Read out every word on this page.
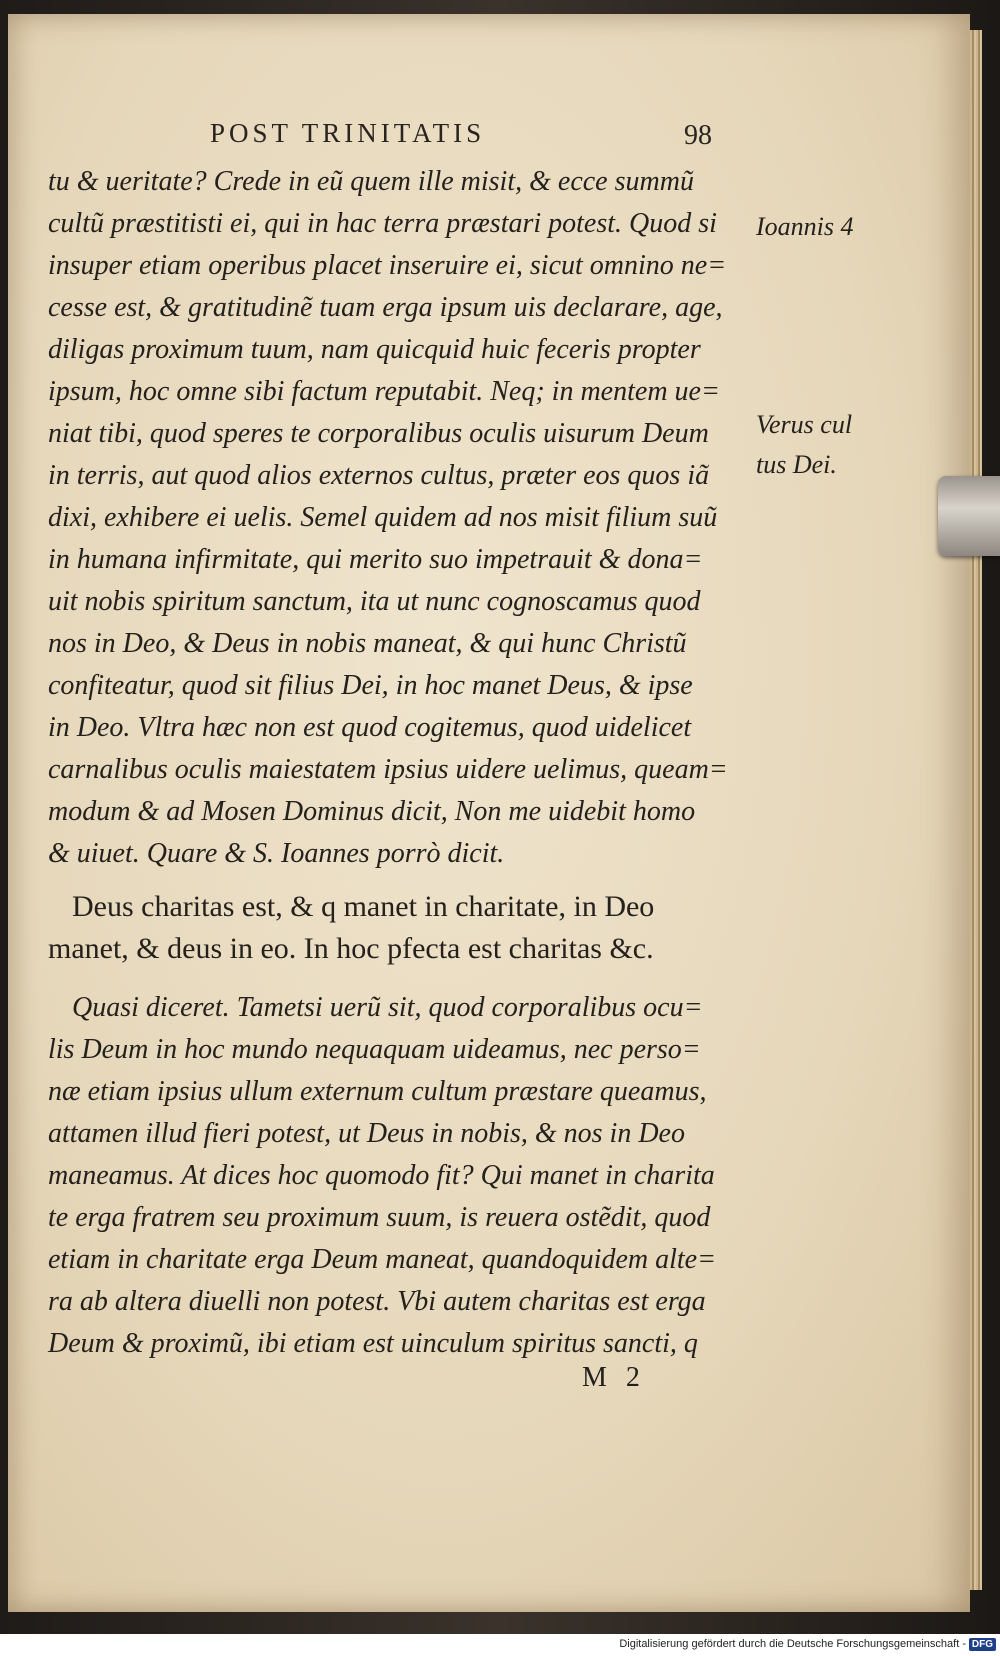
POST TRINITATIS	98
tu & ueritate? Crede in eũ quem ille misit, & ecce summũ
cultũ præstitisti ei, qui in hac terra præstari potest. Quod si
insuper etiam operibus placet inseruire ei, sicut omnino ne=
cesse est, & gratitudinẽ tuam erga ipsum uis declarare, age,
diligas proximum tuum, nam quicquid huic feceris propter
ipsum, hoc omne sibi factum reputabit. Neq; in mentem ue=
niat tibi, quod speres te corporalibus oculis uisurum Deum
in terris, aut quod alios externos cultus, præter eos quos iã
dixi, exhibere ei uelis. Semel quidem ad nos misit filium suũ
in humana infirmitate, qui merito suo impetrauit & dona=
uit nobis spiritum sanctum, ita ut nunc cognoscamus quod
nos in Deo, & Deus in nobis maneat, & qui hunc Christũ
confiteatur, quod sit filius Dei, in hoc manet Deus, & ipse
in Deo. Vltra hæc non est quod cogitemus, quod uidelicet
carnalibus oculis maiestatem ipsius uidere uelimus, queam=
modum & ad Mosen Dominus dicit, Non me uidebit homo
& uiuet. Quare & S. Ioannes porrò dicit.
Deus charitas est, & q manet in charitate, in Deo
manet, & deus in eo. In hoc pfecta est charitas &c.
Quasi diceret. Tametsi uerũ sit, quod corporalibus ocu=
lis Deum in hoc mundo nequaquam uideamus, nec perso=
næ etiam ipsius ullum externum cultum præstare queamus,
attamen illud fieri potest, ut Deus in nobis, & nos in Deo
maneamus. At dices hoc quomodo fit? Qui manet in charita
te erga fratrem seu proximum suum, is reuera ostẽdit, quod
etiam in charitate erga Deum maneat, quandoquidem alte=
ra ab altera diuelli non potest. Vbi autem charitas est erga
Deum & proximũ, ibi etiam est uinculum spiritus sancti, q
Ioannis 4
Verus cul
tus Dei.
M 2
Digitalisierung gefördert durch die Deutsche Forschungsgemeinschaft - DFG
